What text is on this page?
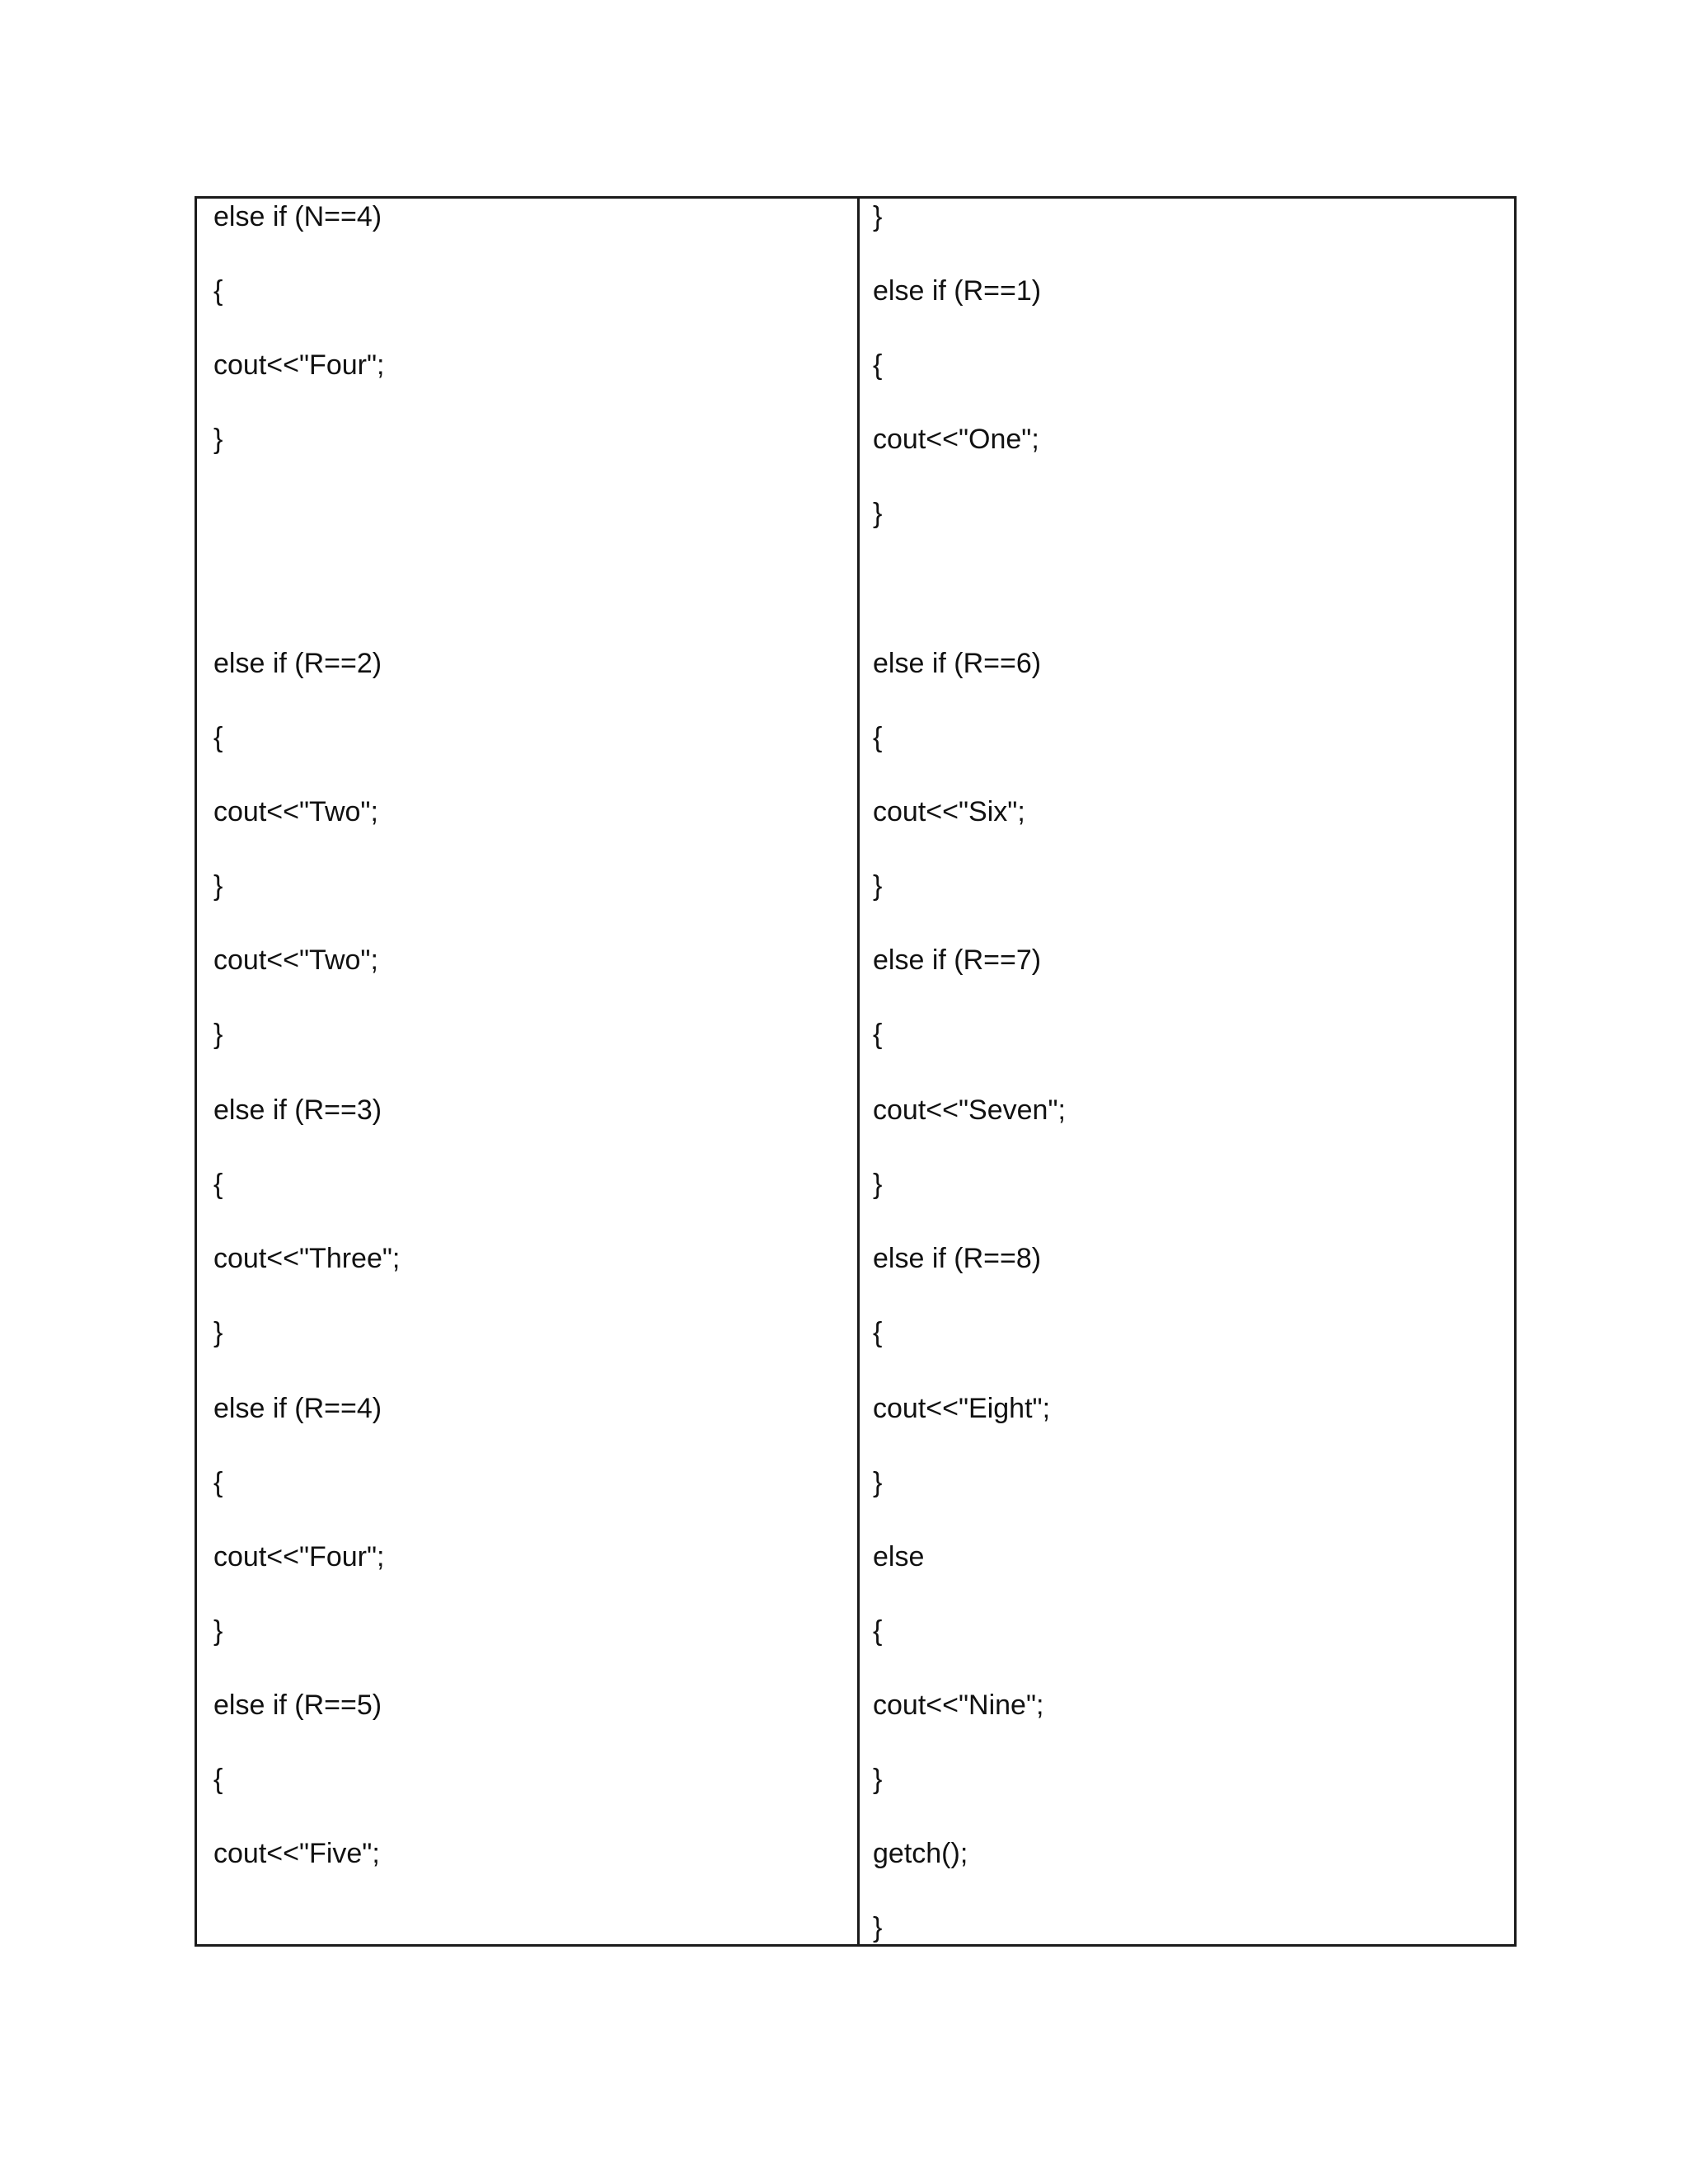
else if (N==4)
{
cout<<"Four";
}
else if (R==2)
{
cout<<"Two";
}
cout<<"Two";
}
else if (R==3)
{
cout<<"Three";
}
else if (R==4)
{
cout<<"Four";
}
else if (R==5)
{
cout<<"Five";
}
else if (R==1)
{
cout<<"One";
}
else if (R==6)
{
cout<<"Six";
}
else if (R==7)
{
cout<<"Seven";
}
else if (R==8)
{
cout<<"Eight";
}
else
{
cout<<"Nine";
}
getch();
}
